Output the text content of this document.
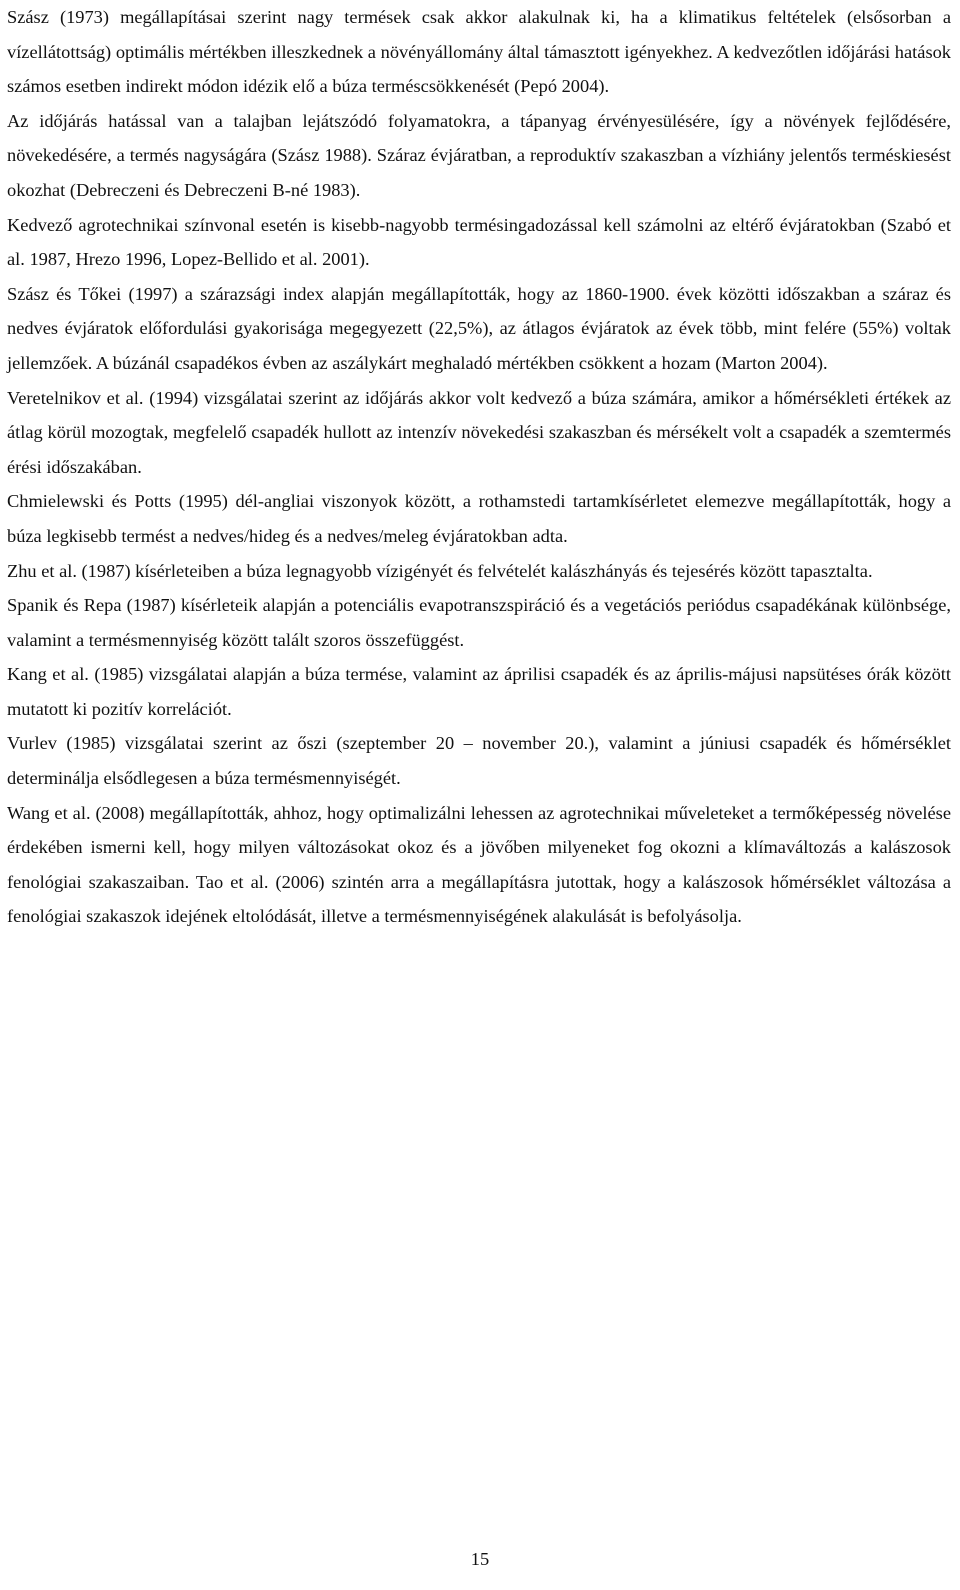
Szász (1973) megállapításai szerint nagy termések csak akkor alakulnak ki, ha a klimatikus feltételek (elsősorban a vízellátottság) optimális mértékben illeszkednek a növényállomány által támasztott igényekhez. A kedvezőtlen időjárási hatások számos esetben indirekt módon idézik elő a búza terméscsökkenését (Pepó 2004).

Az időjárás hatással van a talajban lejátszódó folyamatokra, a tápanyag érvényesülésére, így a növények fejlődésére, növekedésére, a termés nagyságára (Szász 1988). Száraz évjáratban, a reproduktív szakaszban a vízhiány jelentős terméskiesést okozhat (Debreczeni és Debreczeni B-né 1983).

Kedvező agrotechnikai színvonal esetén is kisebb-nagyobb termésingadozással kell számolni az eltérő évjáratokban (Szabó et al. 1987, Hrezo 1996, Lopez-Bellido et al. 2001).

Szász és Tőkei (1997) a szárazsági index alapján megállapították, hogy az 1860-1900. évek közötti időszakban a száraz és nedves évjáratok előfordulási gyakorisága megegyezett (22,5%), az átlagos évjáratok az évek több, mint felére (55%) voltak jellemzőek. A búzánál csapadékos évben az aszálykárt meghaladó mértékben csökkent a hozam (Marton 2004).

Veretelnikov et al. (1994) vizsgálatai szerint az időjárás akkor volt kedvező a búza számára, amikor a hőmérsékleti értékek az átlag körül mozogtak, megfelelő csapadék hullott az intenzív növekedési szakaszban és mérsékelt volt a csapadék a szemtermés érési időszakában.

Chmielewski és Potts (1995) dél-angliai viszonyok között, a rothamstedi tartamkísérletet elemezve megállapították, hogy a búza legkisebb termést a nedves/hideg és a nedves/meleg évjáratokban adta.

Zhu et al. (1987) kísérleteiben a búza legnagyobb vízigényét és felvételét kalászhányás és tejesérés között tapasztalta.

Spanik és Repa (1987) kísérleteik alapján a potenciális evapotranszspiráció és a vegetációs periódus csapadékának különbsége, valamint a termésmennyiség között talált szoros összefüggést.

Kang et al. (1985) vizsgálatai alapján a búza termése, valamint az áprilisi csapadék és az április-májusi napsütéses órák között mutatott ki pozitív korrelációt.

Vurlev (1985) vizsgálatai szerint az őszi (szeptember 20 – november 20.), valamint a júniusi csapadék és hőmérséklet determinálja elsődlegesen a búza termésmennyiségét.

Wang et al. (2008) megállapították, ahhoz, hogy optimalizálni lehessen az agrotechnikai műveleteket a termőképesség növelése érdekében ismerni kell, hogy milyen változásokat okoz és a jövőben milyeneket fog okozni a klímaváltozás a kalászosok fenológiai szakaszaiban. Tao et al. (2006) szintén arra a megállapításra jutottak, hogy a kalászosok hőmérséklet változása a fenológiai szakaszok idejének eltolódását, illetve a termésmennyiségének alakulását is befolyásolja.

15
